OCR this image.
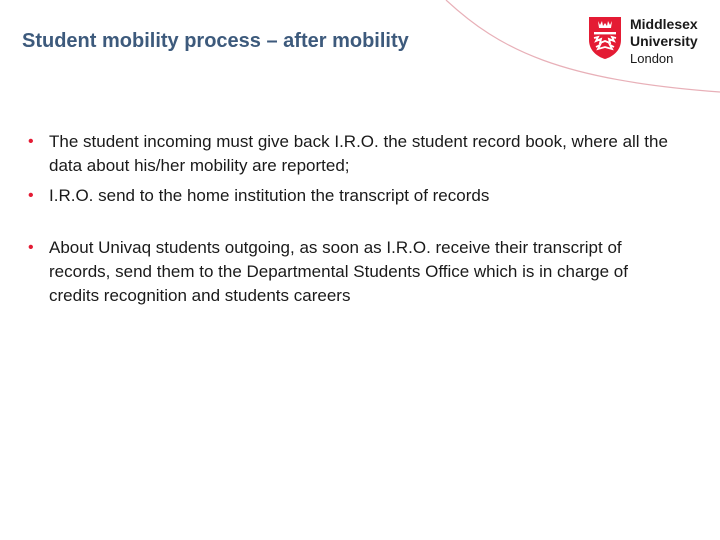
Student mobility process – after mobility
Middlesex
University
London
• The student incoming must give back I.R.O. the student record book, where all the data about his/her mobility are reported;
• I.R.O. send to the home institution the transcript of records
• About Univaq students outgoing, as soon as I.R.O. receive their transcript of records, send them to the Departmental Students Office which is in charge of credits recognition and students careers
